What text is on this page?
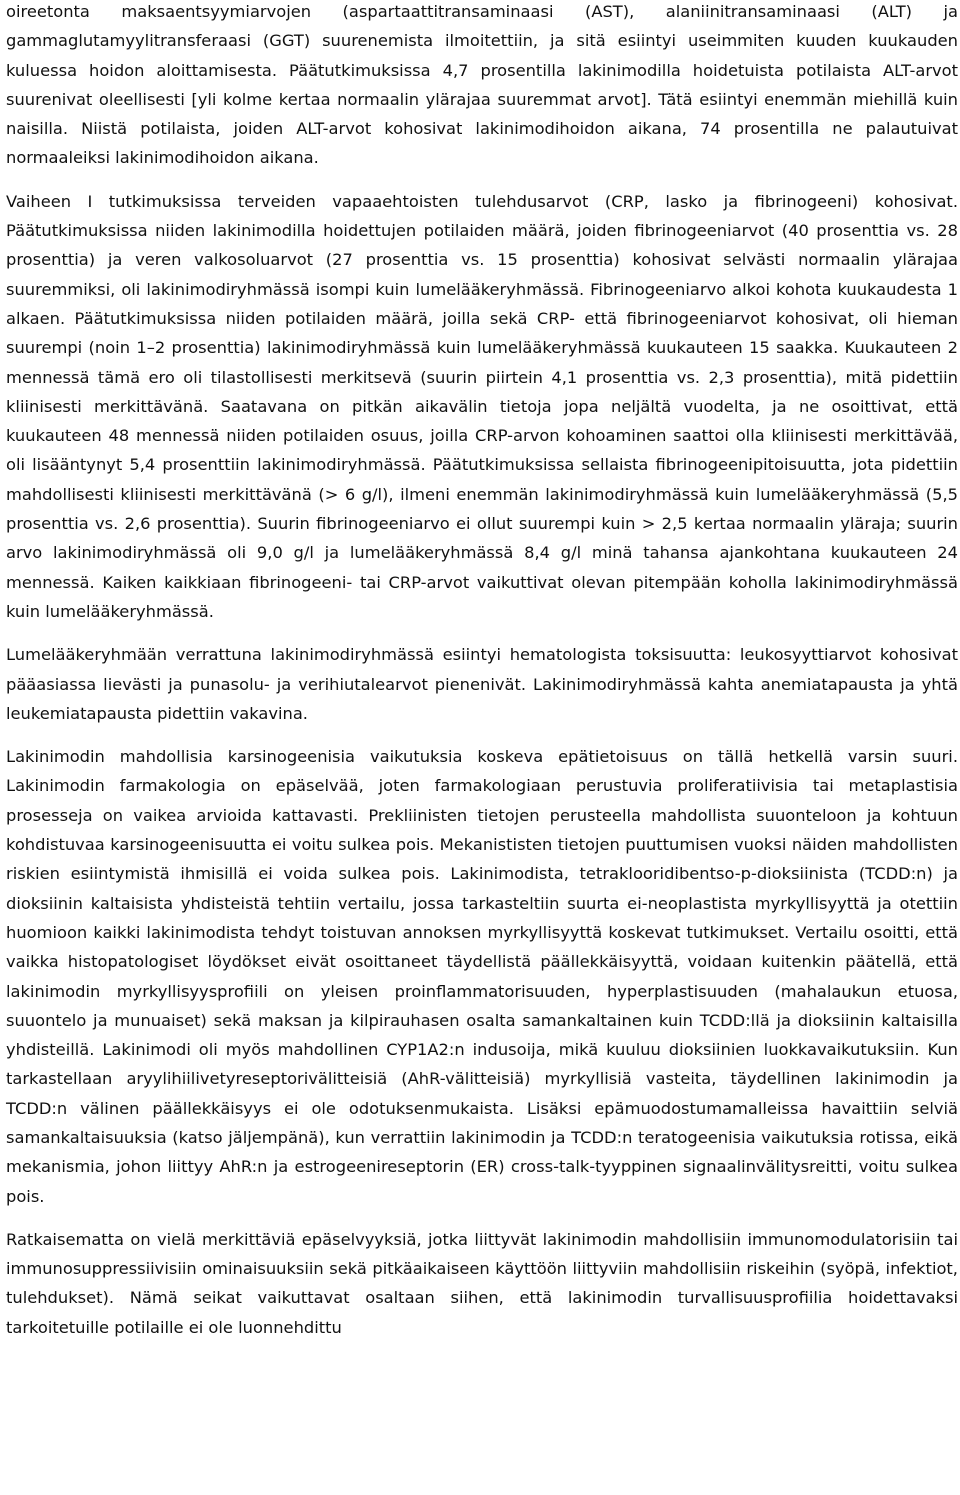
oireetonta maksaentsyymiarvojen (aspartaattitransaminaasi (AST), alaniinitransaminaasi (ALT) ja gammaglutamyylitransferaasi (GGT) suurenemista ilmoitettiin, ja sitä esiintyi useimmiten kuuden kuukauden kuluessa hoidon aloittamisesta. Päätutkimuksissa 4,7 prosentilla lakinimodilla hoidetuista potilaista ALT-arvot suurenivat oleellisesti [yli kolme kertaa normaalin ylärajaa suuremmat arvot]. Tätä esiintyi enemmän miehillä kuin naisilla. Niistä potilaista, joiden ALT-arvot kohosivat lakinimodihoidon aikana, 74 prosentilla ne palautuivat normaaleiksi lakinimodihoidon aikana.

Vaiheen I tutkimuksissa terveiden vapaaehtoisten tulehdusarvot (CRP, lasko ja fibrinogeeni) kohosivat. Päätutkimuksissa niiden lakinimodilla hoidettujen potilaiden määrä, joiden fibrinogeeniarvot (40 prosenttia vs. 28 prosenttia) ja veren valkosoluarvot (27 prosenttia vs. 15 prosenttia) kohosivat selvästi normaalin ylärajaa suuremmiksi, oli lakinimodiryhmässä isompi kuin lumelääkeryhmässä. Fibrinogeeniarvo alkoi kohota kuukaudesta 1 alkaen. Päätutkimuksissa niiden potilaiden määrä, joilla sekä CRP- että fibrinogeeniarvot kohosivat, oli hieman suurempi (noin 1–2 prosenttia) lakinimodiryhmässä kuin lumelääkeryhmässä kuukauteen 15 saakka. Kuukauteen 2 mennessä tämä ero oli tilastollisesti merkitsevä (suurin piirtein 4,1 prosenttia vs. 2,3 prosenttia), mitä pidettiin kliinisesti merkittävänä. Saatavana on pitkän aikavälin tietoja jopa neljältä vuodelta, ja ne osoittivat, että kuukauteen 48 mennessä niiden potilaiden osuus, joilla CRP-arvon kohoaminen saattoi olla kliinisesti merkittävää, oli lisääntynyt 5,4 prosenttiin lakinimodiryhmässä. Päätutkimuksissa sellaista fibrinogeenipitoisuutta, jota pidettiin mahdollisesti kliinisesti merkittävänä (> 6 g/l), ilmeni enemmän lakinimodiryhmässä kuin lumelääkeryhmässä (5,5 prosenttia vs. 2,6 prosenttia). Suurin fibrinogeeniarvo ei ollut suurempi kuin > 2,5 kertaa normaalin yläraja; suurin arvo lakinimodiryhmässä oli 9,0 g/l ja lumelääkeryhmässä 8,4 g/l minä tahansa ajankohtana kuukauteen 24 mennessä. Kaiken kaikkiaan fibrinogeeni- tai CRP-arvot vaikuttivat olevan pitempään koholla lakinimodiryhmässä kuin lumelääkeryhmässä.

Lumelääkeryhmään verrattuna lakinimodiryhmässä esiintyi hematologista toksisuutta: leukosyyttiarvot kohosivat pääasiassa lievästi ja punasolu- ja verihiutalearvot pienenivät. Lakinimodiryhmässä kahta anemiatapausta ja yhtä leukemiatapausta pidettiin vakavina.

Lakinimodin mahdollisia karsinogeenisia vaikutuksia koskeva epätietoisuus on tällä hetkellä varsin suuri. Lakinimodin farmakologia on epäselvää, joten farmakologiaan perustuvia proliferatiivisia tai metaplastisia prosesseja on vaikea arvioida kattavasti. Prekliinisten tietojen perusteella mahdollista suuonteloon ja kohtuun kohdistuvaa karsinogeenisuutta ei voitu sulkea pois. Mekanististen tietojen puuttumisen vuoksi näiden mahdollisten riskien esiintymistä ihmisillä ei voida sulkea pois. Lakinimodista, tetraklooridibentso-p-dioksiinista (TCDD:n) ja dioksiinin kaltaisista yhdisteistä tehtiin vertailu, jossa tarkasteltiin suurta ei-neoplastista myrkyllisyyttä ja otettiin huomioon kaikki lakinimodista tehdyt toistuvan annoksen myrkyllisyyttä koskevat tutkimukset. Vertailu osoitti, että vaikka histopatologiset löydökset eivät osoittaneet täydellistä päällekkäisyyttä, voidaan kuitenkin päätellä, että lakinimodin myrkyllisyysprofiili on yleisen proinflammatorisuuden, hyperplastisuuden (mahalaukun etuosa, suuontelo ja munuaiset) sekä maksan ja kilpirauhasen osalta samankaltainen kuin TCDD:llä ja dioksiinin kaltaisilla yhdisteillä. Lakinimodi oli myös mahdollinen CYP1A2:n indusoija, mikä kuuluu dioksiinien luokkavaikutuksiin. Kun tarkastellaan aryylihiilivetyreseptorivälitteisiä (AhR-välitteisiä) myrkyllisiä vasteita, täydellinen lakinimodin ja TCDD:n välinen päällekkäisyys ei ole odotuksenmukaista. Lisäksi epämuodostumamalleissa havaittiin selviä samankaltaisuuksia (katso jäljempänä), kun verrattiin lakinimodin ja TCDD:n teratogeenisia vaikutuksia rotissa, eikä mekanismia, johon liittyy AhR:n ja estrogeenireseptorin (ER) cross-talk-tyyppinen signaalinvälitysreitti, voitu sulkea pois.

Ratkaisematta on vielä merkittäviä epäselvyyksiä, jotka liittyvät lakinimodin mahdollisiin immunomodulatorisiin tai immunosuppressiivisiin ominaisuuksiin sekä pitkäaikaiseen käyttöön liittyviin mahdollisiin riskeihin (syöpä, infektiot, tulehdukset). Nämä seikat vaikuttavat osaltaan siihen, että lakinimodin turvallisuusprofiilia hoidettavaksi tarkoitetuille potilaille ei ole luonnehdittu
